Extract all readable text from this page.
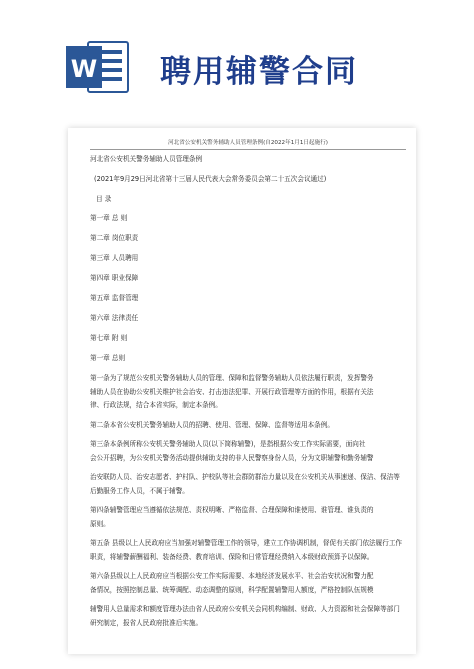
W 聘用辅警合同
河北省公安机关警务辅助人员管理条例(自2022年1月1日起施行)
河北省公安机关警务辅助人员管理条例
(2021年9月29日河北省第十三届人民代表大会常务委员会第二十五次会议通过)
目 录
第一章 总 则
第二章 岗位职责
第三章 人员聘用
第四章 职业保障
第五章 监督管理
第六章 法律责任
第七章 附 则
第一章 总则
第一条为了规范公安机关警务辅助人员的管理、保障和监督警务辅助人员依法履行职责，发挥警务
辅助人员在协助公安机关维护社会治安、打击违法犯罪、开展行政管理等方面的作用，根据有关法
律、行政法规，结合本省实际，制定本条例。
第二条本省公安机关警务辅助人员的招聘、使用、管理、保障、监督等适用本条例。
第三条本条例所称公安机关警务辅助人员(以下简称辅警)，是指根据公安工作实际需要，面向社
会公开招聘，为公安机关警务活动提供辅助支持的非人民警察身份人员，分为文职辅警和勤务辅警
治安联防人员、治安志愿者、护村队、护校队等社会群防群治力量以及在公安机关从事速递、保洁、保洁等
后勤服务工作人员，不属于辅警。
第四条辅警管理应当遵循依法规范、责权明晰、严格监督、合理保障和谁使用、谁管理、谁负责的
原则。
第五条 县级以上人民政府应当加强对辅警管理工作的领导，建立工作协调机制，督促有关部门依法履行工作
职责，将辅警薪酬福利、装备经费、教育培训、保险和日常管理经费纳入本级财政预算予以保障。
第六条县级以上人民政府应当根据公安工作实际需要、本地经济发展水平、社会治安状况和警力配
备情况，按照控制总量、统筹调配、动态调整的原则，科学配置辅警用人额度，严格控制队伍规模
辅警用人总量需求和额度管理办法由省人民政府公安机关会同机构编制、财政、人力资源和社会保障等部门
研究制定，报省人民政府批准后实施。
